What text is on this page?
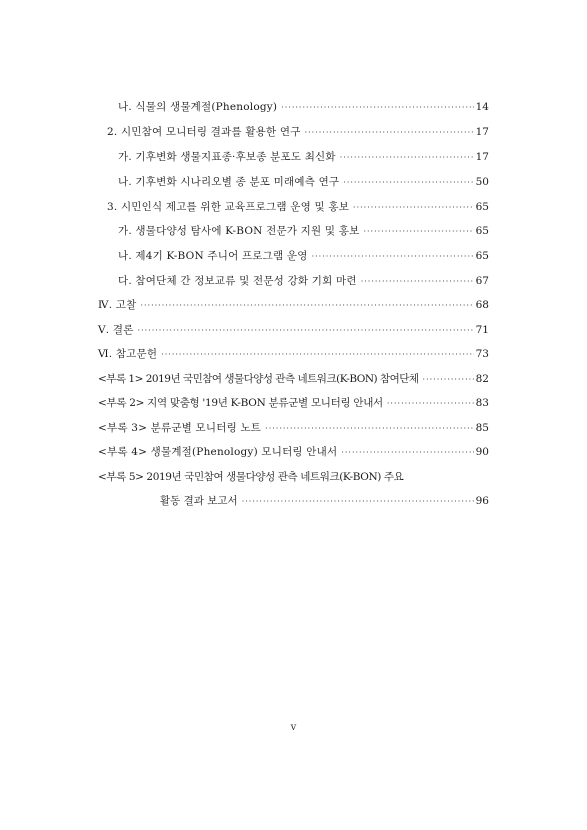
나. 식물의 생물계절(Phenology) ·····	14
2. 시민참여 모니터링 결과를 활용한 연구 ·····	17
가. 기후변화 생물지표종·후보종 분포도 최신화 ·····	17
나. 기후변화 시나리오별 종 분포 미래예측 연구 ·····	50
3. 시민인식 제고를 위한 교육프로그램 운영 및 홍보 ·····	65
가. 생물다양성 탐사에 K-BON 전문가 지원 및 홍보 ·····	65
나. 제4기 K-BON 주니어 프로그램 운영 ·····	65
다. 참여단체 간 정보교류 및 전문성 강화 기회 마련 ·····	67
Ⅳ. 고찰 ·····	68
Ⅴ. 결론 ·····	71
Ⅵ. 참고문헌 ·····	73
<부록 1> 2019년 국민참여 생물다양성 관측 네트워크(K-BON) 참여단체 ·····	82
<부록 2> 지역 맞춤형 '19년 K-BON 분류군별 모니터링 안내서 ·····	83
<부록 3> 분류군별 모니터링 노트 ·····	85
<부록 4> 생물계절(Phenology) 모니터링 안내서 ·····	90
<부록 5> 2019년 국민참여 생물다양성 관측 네트워크(K-BON) 주요
활동 결과 보고서 ·····	96
v
